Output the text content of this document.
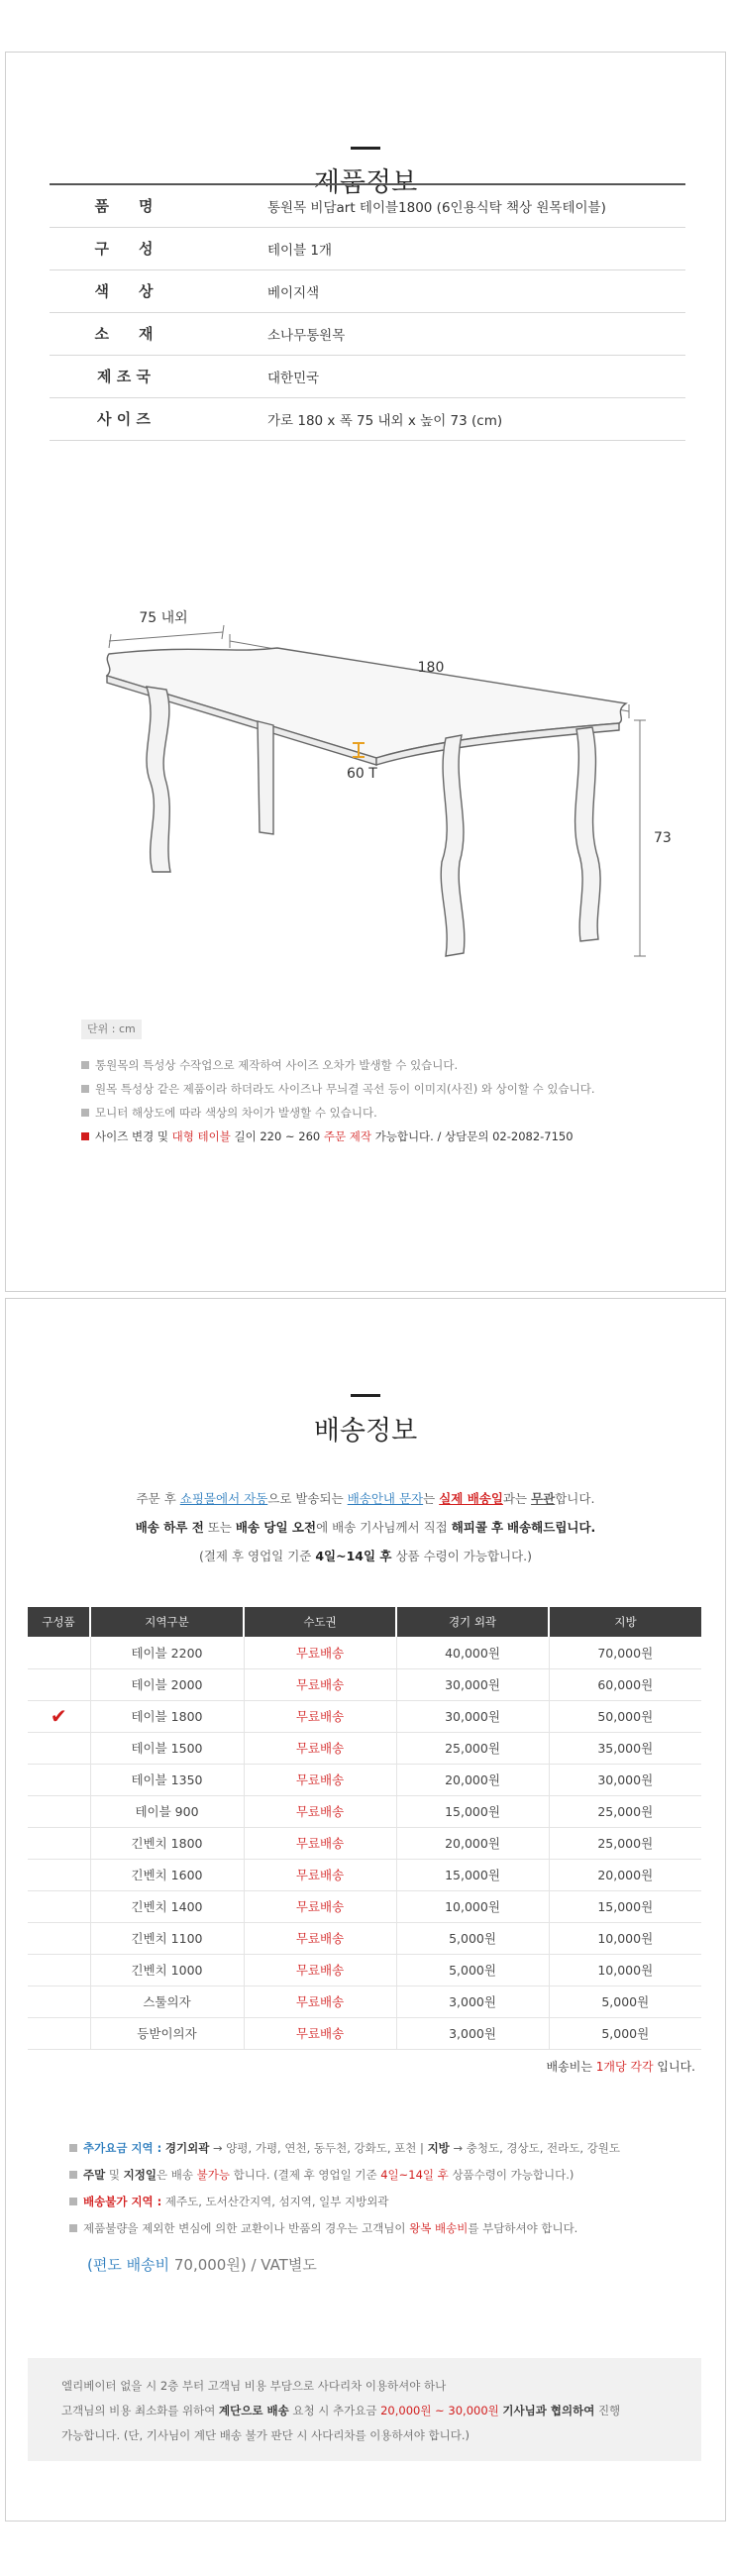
제품정보
품　　명	통원목 비담art 테이블1800 (6인용식탁 책상 원목테이블)
구　　성	테이블 1개
색　　상	베이지색
소　　재	소나무통원목
제 조 국	대한민국
사 이 즈	가로 180 x 폭 75 내외 x 높이 73 (cm)
75 내외
180
60 T
73
단위 : cm
통원목의 특성상 수작업으로 제작하여 사이즈 오차가 발생할 수 있습니다.
원목 특성상 같은 제품이라 하더라도 사이즈나 무늬결 곡선 등이 이미지(사진) 와 상이할 수 있습니다.
모니터 해상도에 따라 색상의 차이가 발생할 수 있습니다.
사이즈 변경 및 대형 테이블 길이 220 ~ 260 주문 제작 가능합니다. / 상담문의 02-2082-7150
배송정보
주문 후 쇼핑몰에서 자동으로 발송되는 배송안내 문자는 실제 배송일과는 무관합니다.
배송 하루 전 또는 배송 당일 오전에 배송 기사님께서 직접 해피콜 후 배송해드립니다.
(결제 후 영업일 기준 4일~14일 후 상품 수령이 가능합니다.)
구성품	지역구분	수도권	경기 외곽	지방
	테이블 2200	무료배송	40,000원	70,000원
	테이블 2000	무료배송	30,000원	60,000원
✔	테이블 1800	무료배송	30,000원	50,000원
	테이블 1500	무료배송	25,000원	35,000원
	테이블 1350	무료배송	20,000원	30,000원
	테이블 900	무료배송	15,000원	25,000원
	긴벤치 1800	무료배송	20,000원	25,000원
	긴벤치 1600	무료배송	15,000원	20,000원
	긴벤치 1400	무료배송	10,000원	15,000원
	긴벤치 1100	무료배송	5,000원	10,000원
	긴벤치 1000	무료배송	5,000원	10,000원
	스툴의자	무료배송	3,000원	5,000원
	등받이의자	무료배송	3,000원	5,000원
배송비는 1개당 각각 입니다.
추가요금 지역 : 경기외곽 → 양평, 가평, 연천, 동두천, 강화도, 포천 | 지방 → 충청도, 경상도, 전라도, 강원도
주말 및 지정일은 배송 불가능 합니다. (결제 후 영업일 기준 4일~14일 후 상품수령이 가능합니다.)
배송불가 지역 : 제주도, 도서산간지역, 섬지역, 일부 지방외곽
제품불량을 제외한 변심에 의한 교환이나 반품의 경우는 고객님이 왕복 배송비를 부담하셔야 합니다.
(편도 배송비 70,000원) / VAT별도
엘리베이터 없을 시 2층 부터 고객님 비용 부담으로 사다리차 이용하셔야 하나
고객님의 비용 최소화를 위하여 계단으로 배송 요청 시 추가요금 20,000원 ~ 30,000원 기사님과 협의하여 진행
가능합니다. (단, 기사님이 계단 배송 불가 판단 시 사다리차를 이용하셔야 합니다.)
